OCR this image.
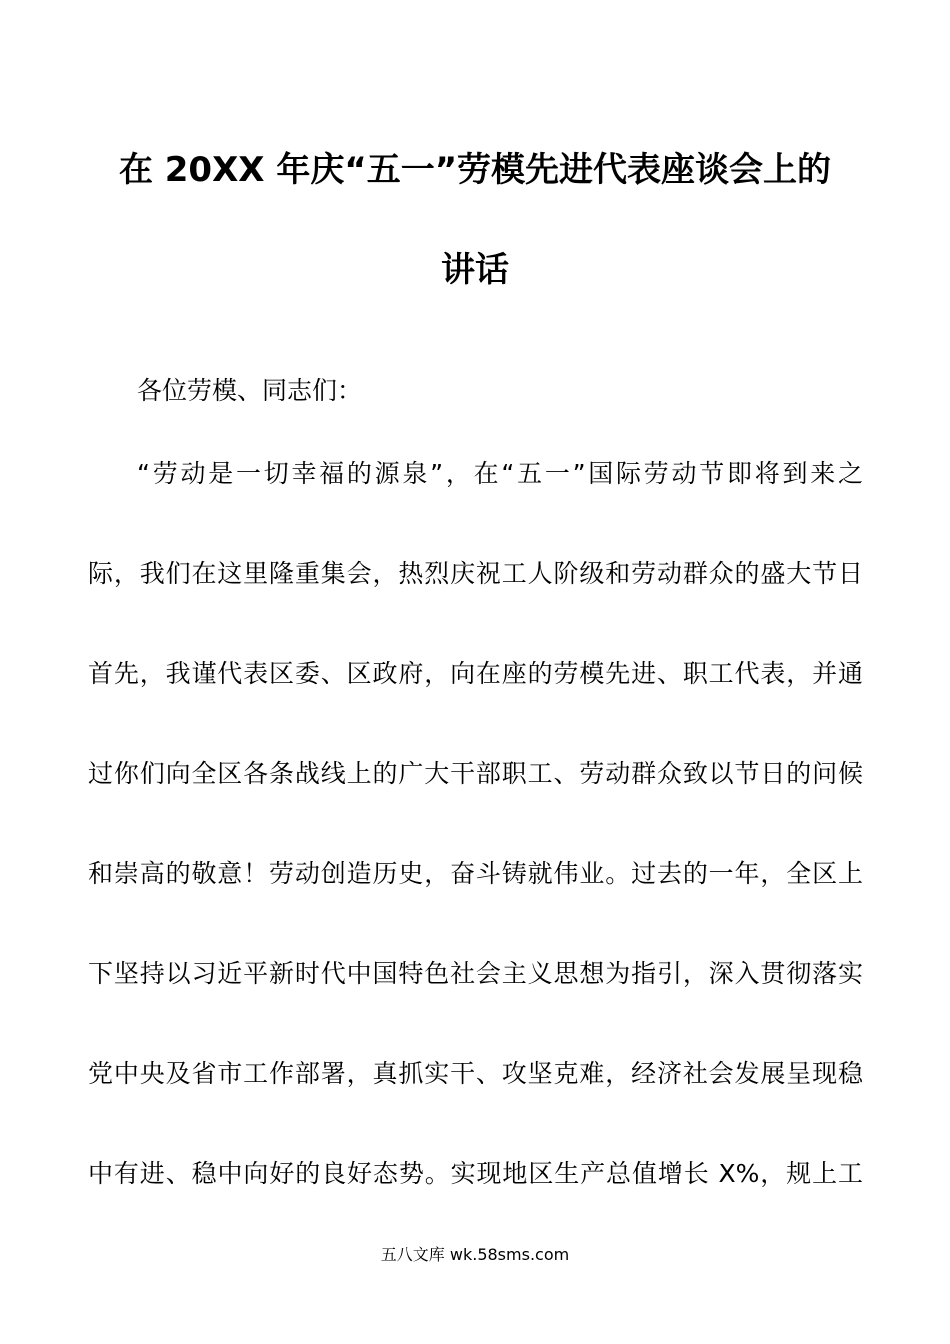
在 20XX 年庆“五一”劳模先进代表座谈会上的
讲话
各位劳模、同志们：
“劳动是一切幸福的源泉”，在“五一”国际劳动节即将到来之
际，我们在这里隆重集会，热烈庆祝工人阶级和劳动群众的盛大节日
首先，我谨代表区委、区政府，向在座的劳模先进、职工代表，并通
过你们向全区各条战线上的广大干部职工、劳动群众致以节日的问候
和崇高的敬意！劳动创造历史，奋斗铸就伟业。过去的一年，全区上
下坚持以习近平新时代中国特色社会主义思想为指引，深入贯彻落实
党中央及省市工作部署，真抓实干、攻坚克难，经济社会发展呈现稳
中有进、稳中向好的良好态势。实现地区生产总值增长 X%，规上工
五八文库 wk.58sms.com
